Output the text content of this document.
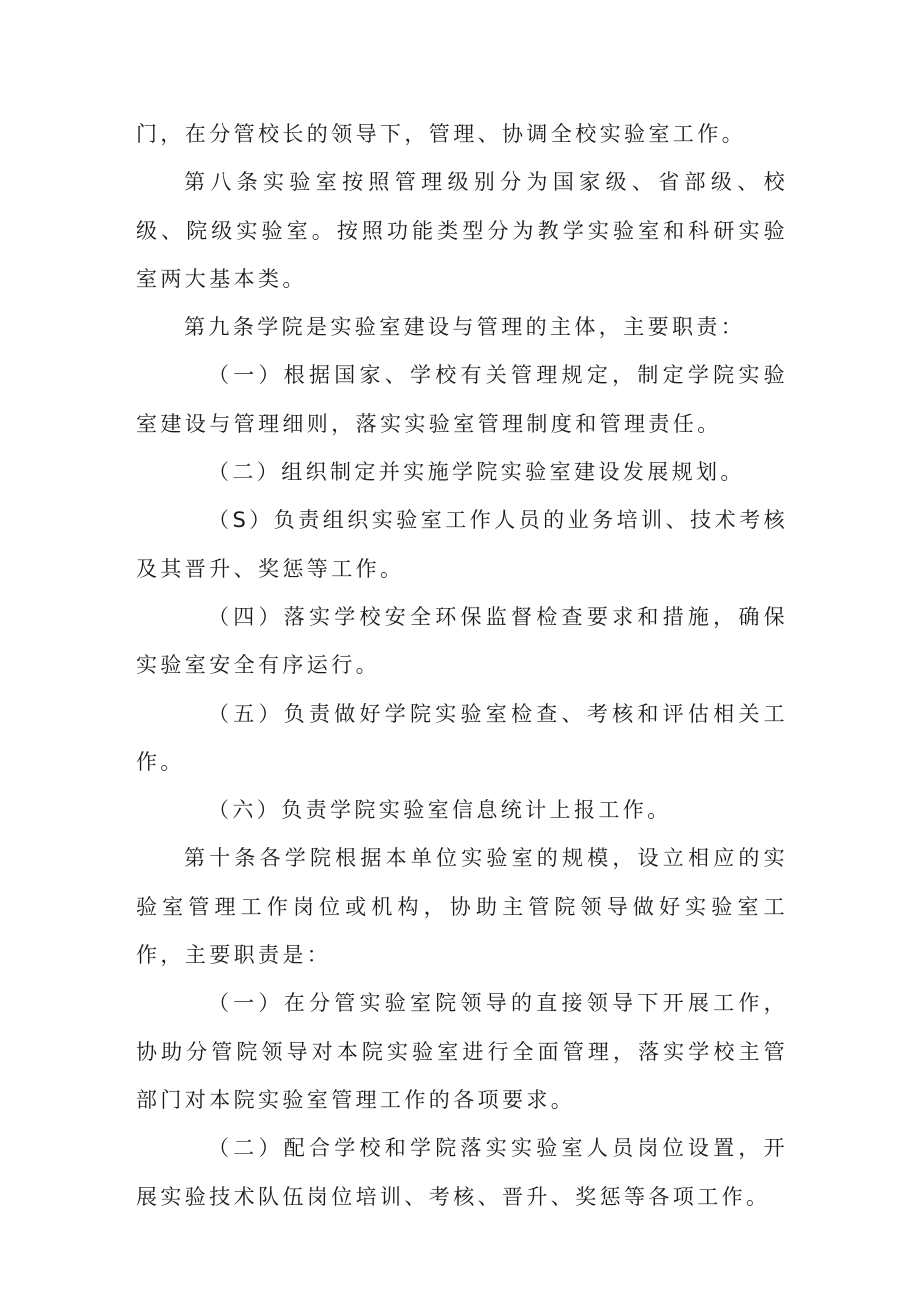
门，在分管校长的领导下，管理、协调全校实验室工作。

第八条实验室按照管理级别分为国家级、省部级、校级、院级实验室。按照功能类型分为教学实验室和科研实验室两大基本类。

第九条学院是实验室建设与管理的主体，主要职责：

（一）根据国家、学校有关管理规定，制定学院实验室建设与管理细则，落实实验室管理制度和管理责任。

（二）组织制定并实施学院实验室建设发展规划。

（S）负责组织实验室工作人员的业务培训、技术考核及其晋升、奖惩等工作。

（四）落实学校安全环保监督检查要求和措施，确保实验室安全有序运行。

（五）负责做好学院实验室检查、考核和评估相关工作。

（六）负责学院实验室信息统计上报工作。

第十条各学院根据本单位实验室的规模，设立相应的实验室管理工作岗位或机构，协助主管院领导做好实验室工作，主要职责是：

（一）在分管实验室院领导的直接领导下开展工作，协助分管院领导对本院实验室进行全面管理，落实学校主管部门对本院实验室管理工作的各项要求。

（二）配合学校和学院落实实验室人员岗位设置，开展实验技术队伍岗位培训、考核、晋升、奖惩等各项工作。
